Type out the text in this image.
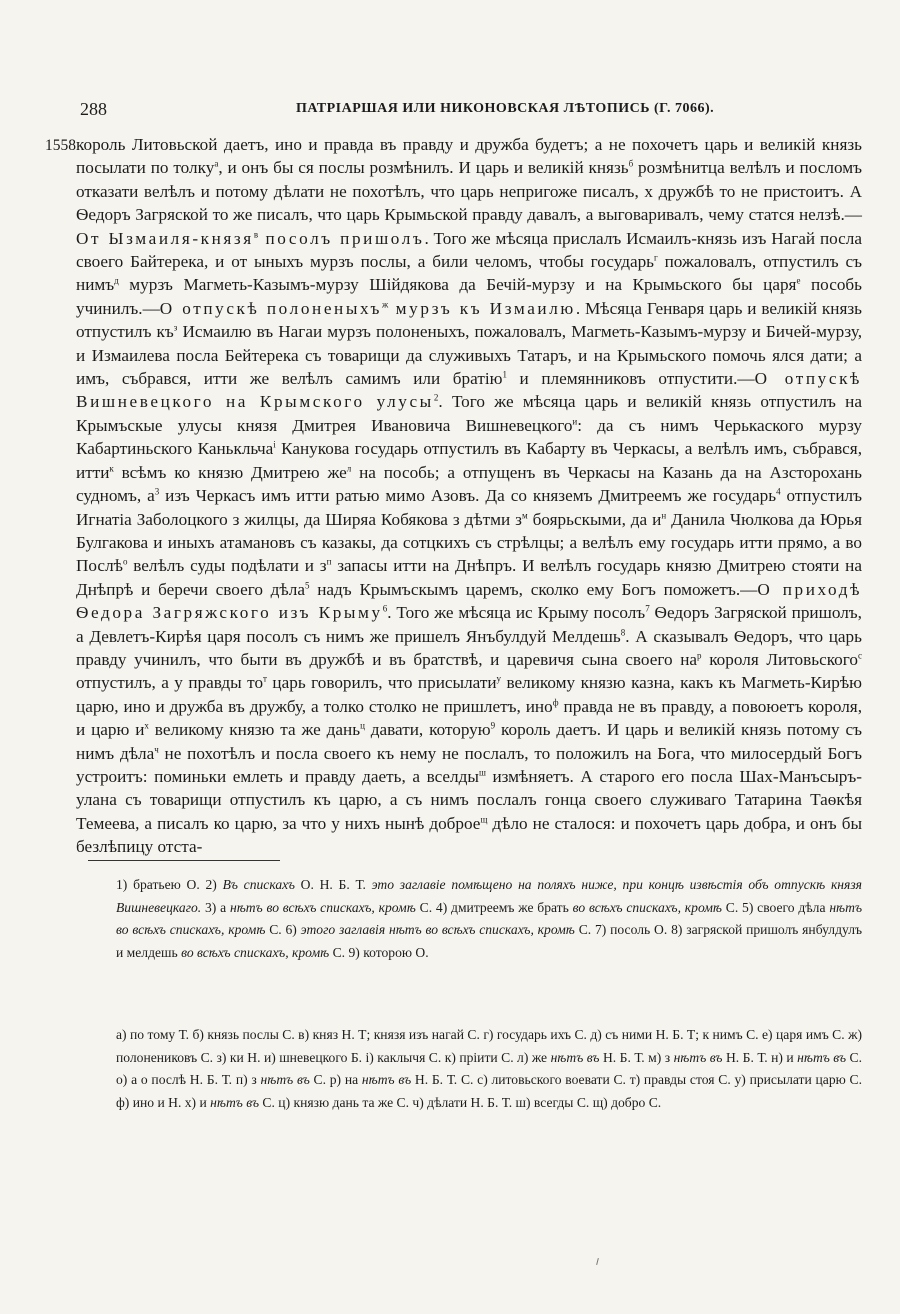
288	ПАТРІАРШАЯ ИЛИ НИКОНОВСКАЯ ЛѢТОПИСЬ (Г. 7066).
1558 король Литовьской даетъ, ино и правда въ правду и дружба будетъ; а не похочетъ царь и великій князь посылати по толку$^а$, и онъ бы ся послы розмѣнилъ. И царь и великій князь$^б$ розмѣнитца велѣлъ и посломъ отказати велѣлъ и потому дѣлати не похотѣлъ, что царь непригоже писалъ, х дружбѣ то не пристоитъ. А Ѳедоръ Загряской то же писалъ, что царь Крымьской правду давалъ, а выговаривалъ, чему статся нелзѣ.—От Ызмаиля-князя$^в$ посолъ пришолъ. Того же мѣсяца прислалъ Исмаилъ-князь изъ Нагай посла своего Байтерека, и от ыныхъ мурзъ послы, а били челомъ, чтобы государь$^г$ пожаловалъ, отпустилъ съ нимъ$^д$ мурзъ Магметь-Казымъ-мурзу Шійдякова да Бечій-мурзу и на Крымьского бы царя$^е$ пособь учинилъ.—О отпускѣ полоненыхъ$^ж$ мурзъ къ Измаилю. Мѣсяца Генваря царь и великій князь отпустилъ $къ^з$ Исмаилю въ Нагаи мурзъ полоненыхъ, пожаловалъ, Магметь-Казымъ-мурзу и Бичей-мурзу, и Измаилева посла Бейтерека съ товарищи да служивыхъ Татаръ, и на Крымьского помочь ялся дати; а имъ, събрався, итти же велѣлъ самимъ или братію$^1$ и племянниковъ отпустити.—О отпускѣ Вишневецкого на Крымского улусы$^2$. Того же мѣсяца царь и великій князь отпустилъ на Крымъскые улусы князя Дмитрея Ивановича Вишневецкого$^и$: да съ нимъ Черькаского мурзу Кабартиньского Канькльча$^і$ Канукова государь отпустилъ въ Кабарту въ Черкасы, а велѣлъ имъ, събрався, итти$^к$ всѣмъ ко князю Дмитрею $же^л$ на пособь; а отпущенъ въ Черкасы на Казань да на Азсторохань судномъ, $а^3$ изъ Черкасъ имъ итти ратью мимо Азовъ. Да со княземъ Дмитреемъ же государь$^4$ отпустилъ Игнатіа Заболоцкого з жилцы, да Ширяа Кобякова з дѣтми $з^м$ боярьскыми, да $и^н$ Данила Чюлкова да Юрья Булгакова и иныхъ атамановъ съ казакы, да сотцкихъ съ стрѣлцы; а велѣлъ ему государь итти прямо, а во Послѣ$^о$ велѣлъ суды подѣлати и $з^п$ запасы итти на Днѣпръ. И велѣлъ государь князю Дмитрею стояти на Днѣпрѣ и беречи своего дѣла$^5$ надъ Крымъскымъ царемъ, сколко ему Богъ поможетъ.—О приходѣ Ѳедора Загряжского изъ Крыму$^6$. Того же мѣсяца ис Крыму посолъ$^7$ Ѳедоръ Загряской пришолъ, а Девлетъ-Кирѣя царя посолъ съ нимъ же пришелъ Янъбулдуй Мелдешь$^8$. А сказывалъ Ѳедоръ, что царь правду учинилъ, что быти въ дружбѣ и въ братствѣ, и царевичя сына своего $на^р$ короля Литовьского$^с$ отпустилъ, а у правды $то^т$ царь говорилъ, что присылати$^у$ великому князю казна, какъ къ Магметь-Кирѣю царю, ино и дружба въ дружбу, а толко столко не пришлетъ, ино$^ф$ правда не въ правду, а повоюетъ короля, и царю $и^х$ великому князю та же дань$^ц$ давати, которую$^9$ король даетъ. И царь и великій князь потому съ нимъ дѣла$^ч$ не похотѣлъ и посла своего къ нему не послалъ, то положилъ на Бога, что милосердый Богъ устроитъ: поминьки емлеть и правду даеть, а вселды$^ш$ измѣняетъ. А старого его посла Шах-Манъсыръ-улана съ товарищи отпустилъ къ царю, а съ нимъ послалъ гонца своего служиваго Татарина Таѳкѣя Темеева, а писалъ ко царю, за что у нихъ нынѣ доброе$^щ$ дѣло не сталося: и похочетъ царь добра, и онъ бы безлѣпицу отста-
1) братьею О. 2) Въ спискахъ О. Н. Б. Т. это заглавіе помѣщено на поляхъ ниже, при концѣ извѣстія объ отпускѣ князя Вишневецкаго. 3) а нѣтъ во всѣхъ спискахъ, кромѣ С. 4) дмитреемъ же брать во всѣхъ спискахъ, кромѣ С. 5) своего дѣла нѣтъ во всѣхъ спискахъ, кромѣ С. 6) этого заглавія нѣтъ во всѣхъ спискахъ, кромѣ С. 7) посоль О. 8) загряской пришолъ янбулдулъ и мелдешь во всѣхъ спискахъ, кромѣ С. 9) которою О.
а) по тому Т. б) князь послы С. в) княз Н. Т; князя изъ нагай С. г) государь ихъ С. д) съ ними Н. Б. Т; к нимъ С. е) царя имъ С. ж) полонениковъ С. з) ки Н. и) шневецкого Б. і) каклычя С. к) пріити С. л) же нѣтъ въ Н. Б. Т. м) з нѣтъ въ Н. Б. Т. н) и нѣтъ въ С. о) а о послѣ Н. Б. Т. п) з нѣтъ въ С. р) на нѣтъ въ Н. Б. Т. С. с) литовьского воевати С. т) правды стоя С. у) присылати царю С. ф) ино и Н. х) и нѣтъ въ С. ц) князю дань та же С. ч) дѣлати Н. Б. Т. ш) всегды С. щ) добро С.
